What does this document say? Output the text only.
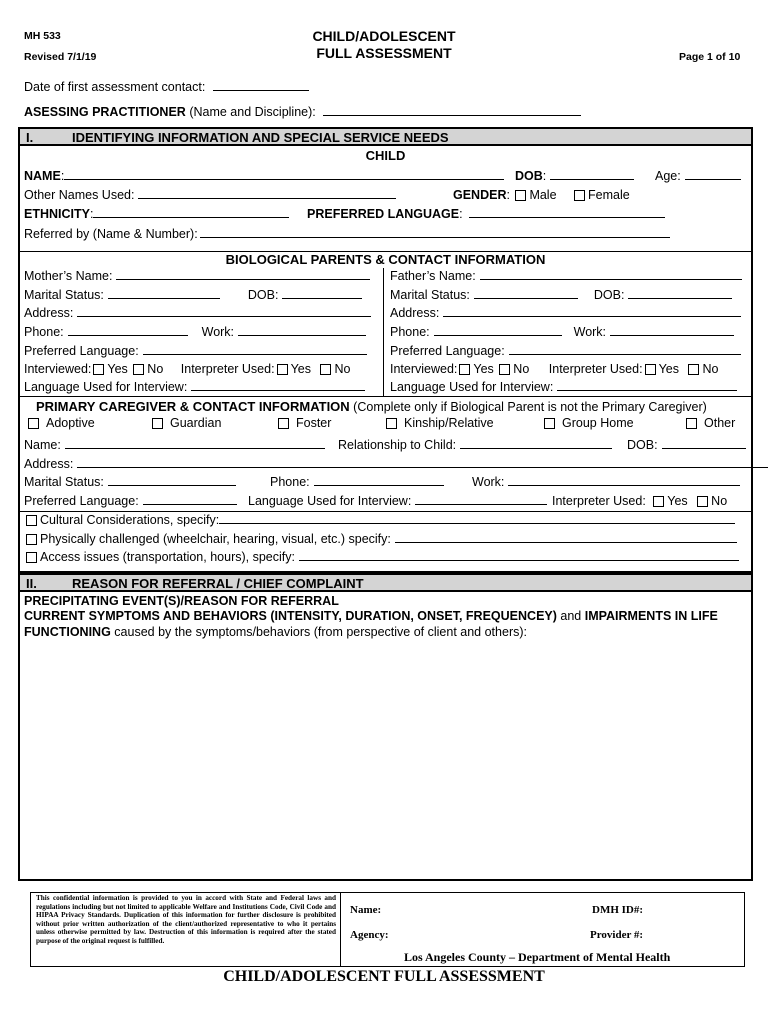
MH 533
Revised 7/1/19
CHILD/ADOLESCENT
FULL ASSESSMENT	Page 1 of 10
Date of first assessment contact:
ASESSING PRACTITIONER (Name and Discipline):
I.	IDENTIFYING INFORMATION AND SPECIAL SERVICE NEEDS
CHILD
NAME:	DOB:	Age:
Other Names Used:	GENDER: Male	Female
ETHNICITY:	PREFERRED LANGUAGE:
Referred by (Name & Number):
BIOLOGICAL PARENTS & CONTACT INFORMATION
Mother’s Name:
Marital Status:	DOB:
Address:
Phone:	Work:
Preferred Language:
Interviewed: Yes No Interpreter Used: Yes No
Language Used for Interview:
Father’s Name:
Marital Status:	DOB:
Address:
Phone:	Work:
Preferred Language:
Interviewed: Yes No Interpreter Used: Yes No
Language Used for Interview:
PRIMARY CAREGIVER & CONTACT INFORMATION (Complete only if Biological Parent is not the Primary Caregiver)
Adoptive	Guardian	Foster	Kinship/Relative	Group Home	Other
Name:	Relationship to Child:	DOB:
Address:
Marital Status:	Phone:	Work:
Preferred Language:	Language Used for Interview:	Interpreter Used: Yes No
Cultural Considerations, specify:
Physically challenged (wheelchair, hearing, visual, etc.) specify:
Access issues (transportation, hours), specify:
II.	REASON FOR REFERRAL / CHIEF COMPLAINT
PRECIPITATING EVENT(S)/REASON FOR REFERRAL
CURRENT SYMPTOMS AND BEHAVIORS (INTENSITY, DURATION, ONSET, FREQUENCEY) and IMPAIRMENTS IN LIFE
FUNCTIONING caused by the symptoms/behaviors (from perspective of client and others):
This confidential information is provided to you in accord with State and Federal laws and regulations including but not limited to applicable Welfare and Institutions Code, Civil Code and HIPAA Privacy Standards. Duplication of this information for further disclosure is prohibited without prior written authorization of the client/authorized representative to who it pertains unless otherwise permitted by law. Destruction of this information is required after the stated purpose of the original request is fulfilled.
Name:	DMH ID#:
Agency:	Provider #:
Los Angeles County – Department of Mental Health
CHILD/ADOLESCENT FULL ASSESSMENT
